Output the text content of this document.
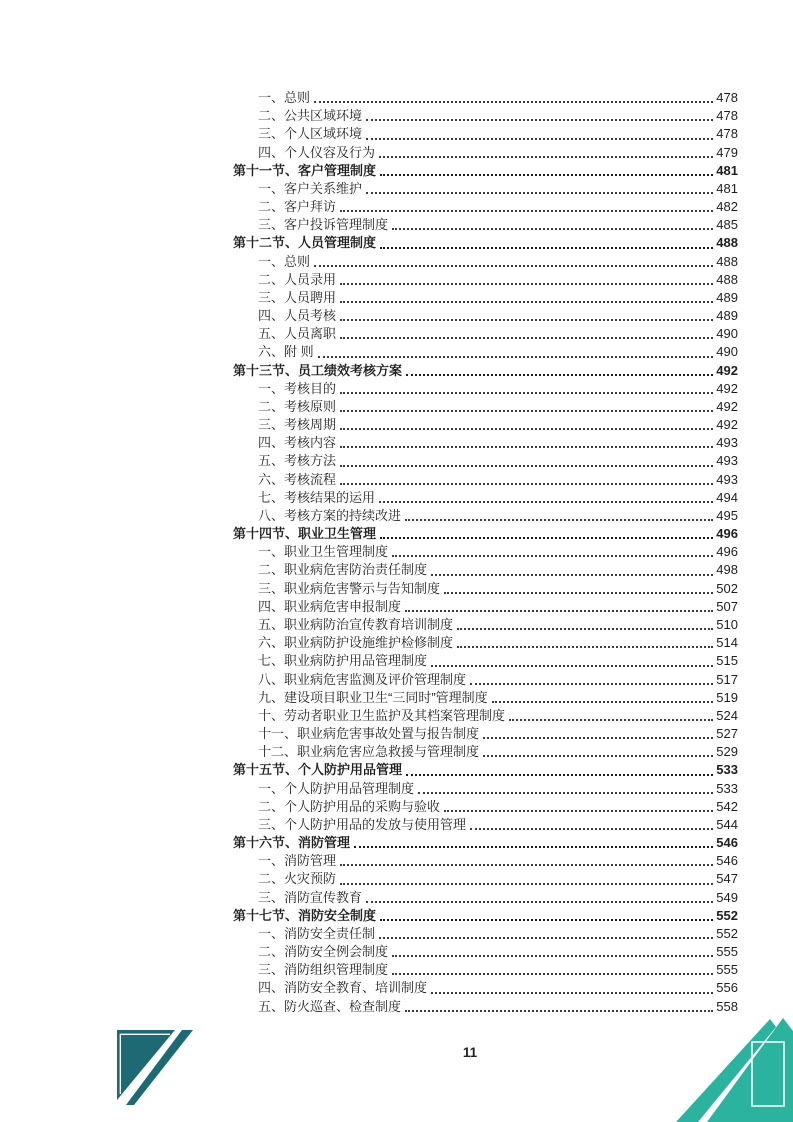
一、总则	478
二、公共区域环境	478
三、个人区域环境	478
四、个人仪容及行为	479
第十一节、客户管理制度	481
一、客户关系维护	481
二、客户拜访	482
三、客户投诉管理制度	485
第十二节、人员管理制度	488
一、总则	488
二、人员录用	488
三、人员聘用	489
四、人员考核	489
五、人员离职	490
六、附 则	490
第十三节、员工绩效考核方案	492
一、考核目的	492
二、考核原则	492
三、考核周期	492
四、考核内容	493
五、考核方法	493
六、考核流程	493
七、考核结果的运用	494
八、考核方案的持续改进	495
第十四节、职业卫生管理	496
一、职业卫生管理制度	496
二、职业病危害防治责任制度	498
三、职业病危害警示与告知制度	502
四、职业病危害申报制度	507
五、职业病防治宣传教育培训制度	510
六、职业病防护设施维护检修制度	514
七、职业病防护用品管理制度	515
八、职业病危害监测及评价管理制度	517
九、建设项目职业卫生“三同时”管理制度	519
十、劳动者职业卫生监护及其档案管理制度	524
十一、职业病危害事故处置与报告制度	527
十二、职业病危害应急救援与管理制度	529
第十五节、个人防护用品管理	533
一、个人防护用品管理制度	533
二、个人防护用品的采购与验收	542
三、个人防护用品的发放与使用管理	544
第十六节、消防管理	546
一、消防管理	546
二、火灾预防	547
三、消防宣传教育	549
第十七节、消防安全制度	552
一、消防安全责任制	552
二、消防安全例会制度	555
三、消防组织管理制度	555
四、消防安全教育、培训制度	556
五、防火巡查、检查制度	558
11
